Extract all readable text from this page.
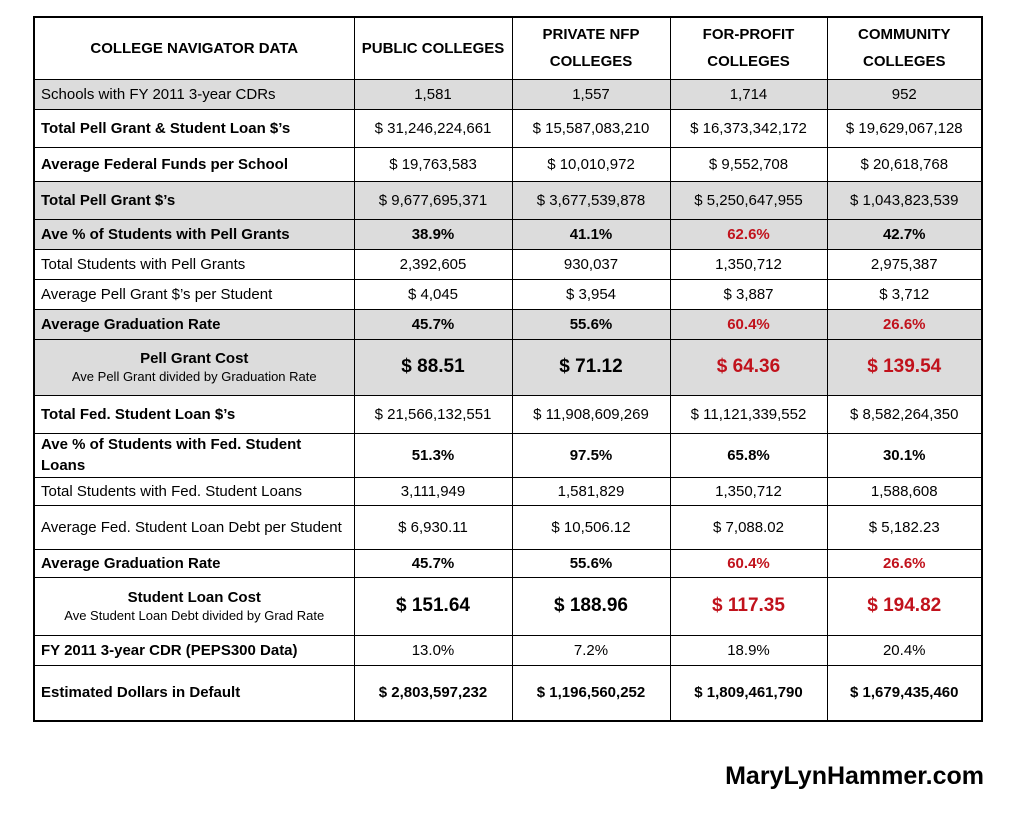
COLLEGE NAVIGATOR DATA	PUBLIC COLLEGES	PRIVATE NFP COLLEGES	FOR-PROFIT COLLEGES	COMMUNITY COLLEGES
Schools with FY 2011 3-year CDRs	1,581	1,557	1,714	952
Total Pell Grant & Student Loan $’s	$ 31,246,224,661	$ 15,587,083,210	$ 16,373,342,172	$ 19,629,067,128
Average Federal Funds per School	$ 19,763,583	$ 10,010,972	$ 9,552,708	$ 20,618,768
Total Pell Grant $’s	$ 9,677,695,371	$ 3,677,539,878	$ 5,250,647,955	$ 1,043,823,539
Ave % of Students with Pell Grants	38.9%	41.1%	62.6%	42.7%
Total Students with Pell Grants	2,392,605	930,037	1,350,712	2,975,387
Average Pell Grant $’s per Student	$ 4,045	$ 3,954	$ 3,887	$ 3,712
Average Graduation Rate	45.7%	55.6%	60.4%	26.6%
Pell Grant Cost
Ave Pell Grant divided by Graduation Rate	$ 88.51	$ 71.12	$ 64.36	$ 139.54
Total Fed. Student Loan $’s	$ 21,566,132,551	$ 11,908,609,269	$ 11,121,339,552	$ 8,582,264,350
Ave % of Students with Fed. Student Loans	51.3%	97.5%	65.8%	30.1%
Total Students with Fed. Student Loans	3,111,949	1,581,829	1,350,712	1,588,608
Average Fed. Student Loan Debt per Student	$ 6,930.11	$ 10,506.12	$ 7,088.02	$ 5,182.23
Average Graduation Rate	45.7%	55.6%	60.4%	26.6%
Student Loan Cost
Ave Student Loan Debt divided by Grad Rate	$ 151.64	$ 188.96	$ 117.35	$ 194.82
FY 2011 3-year CDR (PEPS300 Data)	13.0%	7.2%	18.9%	20.4%
Estimated Dollars in Default	$ 2,803,597,232	$ 1,196,560,252	$ 1,809,461,790	$ 1,679,435,460
MaryLynHammer.com
